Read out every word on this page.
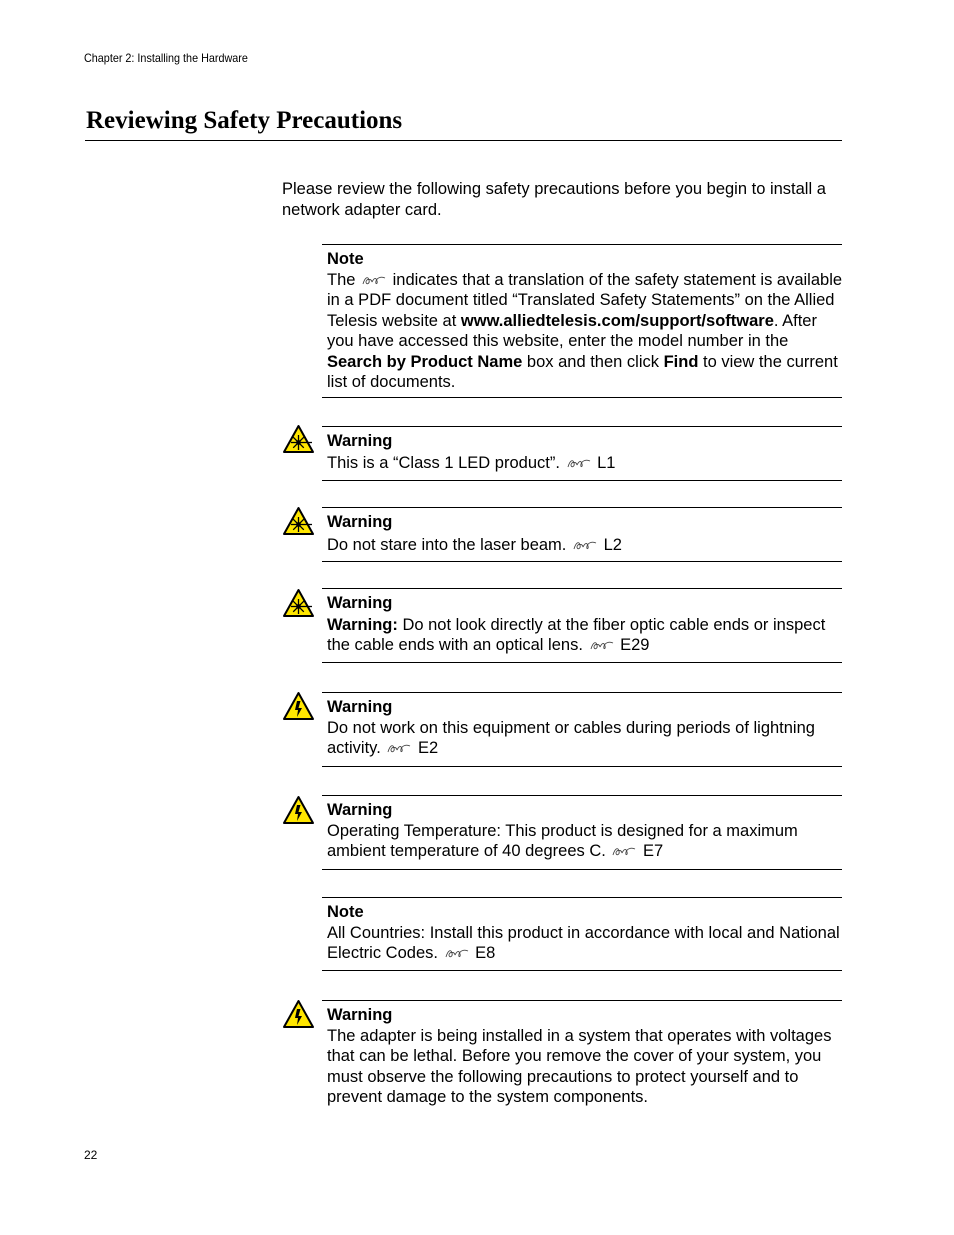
Chapter 2: Installing the Hardware
Reviewing Safety Precautions

Please review the following safety precautions before you begin to install a network adapter card.

Note

The  indicates that a translation of the safety statement is available in a PDF document titled “Translated Safety Statements” on the Allied Telesis website at www.alliedtelesis.com/support/software. After you have accessed this website, enter the model number in the Search by Product Name box and then click Find to view the current list of documents.

Warning

This is a “Class 1 LED product”. L1

Warning

Do not stare into the laser beam. L2

Warning

Warning: Do not look directly at the fiber optic cable ends or inspect the cable ends with an optical lens. E29

Warning

Do not work on this equipment or cables during periods of lightning activity. E2

Warning

Operating Temperature: This product is designed for a maximum ambient temperature of 40 degrees C. E7

Note

All Countries: Install this product in accordance with local and National Electric Codes. E8

Warning

The adapter is being installed in a system that operates with voltages that can be lethal. Before you remove the cover of your system, you must observe the following precautions to protect yourself and to prevent damage to the system components.

22
